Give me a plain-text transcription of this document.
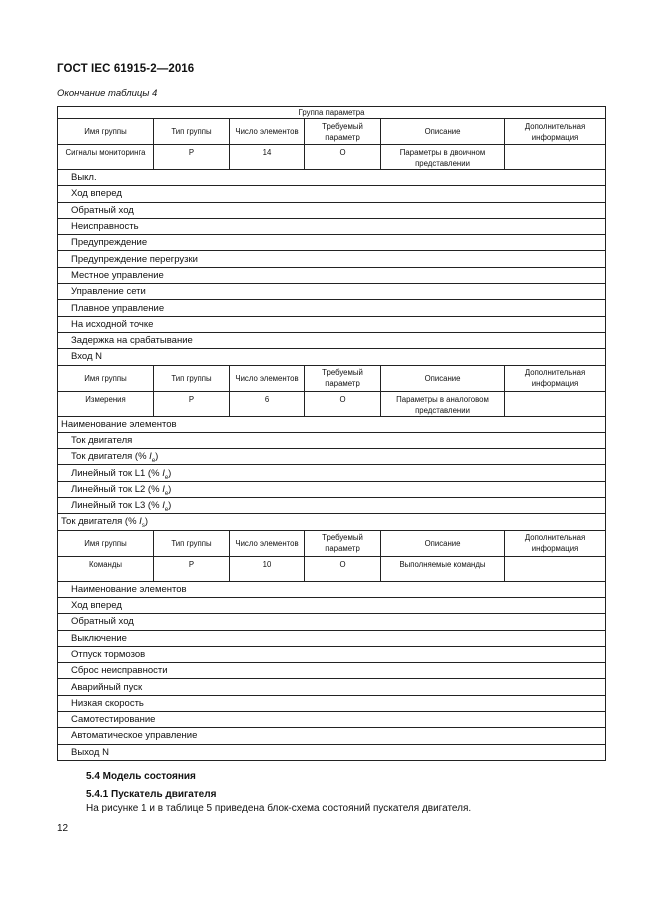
ГОСТ IEC 61915-2—2016
Окончание таблицы 4
Группа параметра					
Имя группы	Тип группы	Число элементов	Требуемый параметр	Описание	Дополнительная информация
Сигналы мониторинга	P	14	O	Параметры в двоичном представлении	
Выкл.					
Ход вперед					
Обратный ход					
Неисправность					
Предупреждение					
Предупреждение перегрузки					
Местное управление					
Управление сети					
Плавное управление					
На исходной точке					
Задержка на срабатывание					
Вход N					
Имя группы	Тип группы	Число элементов	Требуемый параметр	Описание	Дополнительная информация
Измерения	P	6	O	Параметры в аналоговом представлении	
Наименование элементов					
Ток двигателя					
Ток двигателя (% $I_e$)					
Линейный ток L1 (% $I_e$)					
Линейный ток L2 (% $I_e$)					
Линейный ток L3 (% $I_e$)					
Ток двигателя (% $I_s$)					
Имя группы	Тип группы	Число элементов	Требуемый параметр	Описание	Дополнительная информация
Команды	P	10	O	Выполняемые команды	
Наименование элементов					
Ход вперед					
Обратный ход					
Выключение					
Отпуск тормозов					
Сброс неисправности					
Аварийный пуск					
Низкая скорость					
Самотестирование					
Автоматическое управление					
Выход N					
5.4 Модель состояния
5.4.1 Пускатель двигателя
На рисунке 1 и в таблице 5 приведена блок-схема состояний пускателя двигателя.
12
